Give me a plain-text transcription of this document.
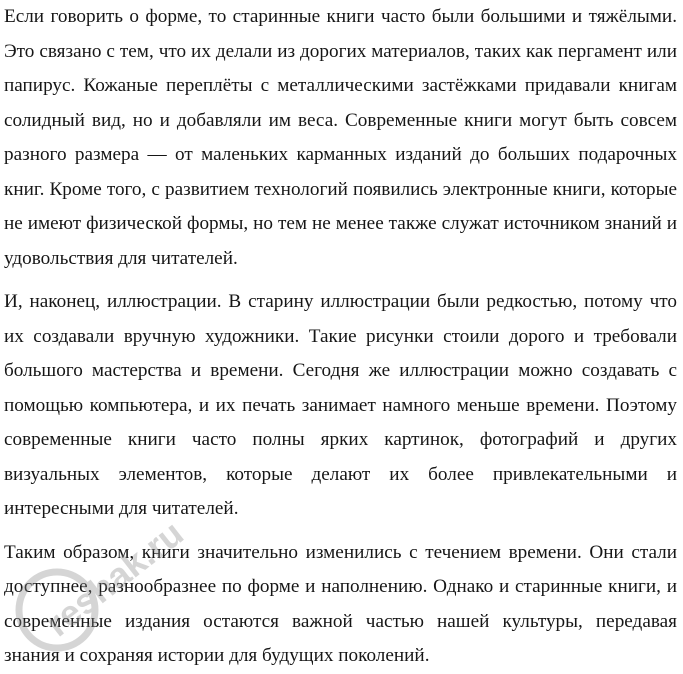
Если говорить о форме, то старинные книги часто были большими и тяжёлыми. Это связано с тем, что их делали из дорогих материалов, таких как пергамент или папирус. Кожаные переплёты с металлическими застёжками придавали книгам солидный вид, но и добавляли им веса. Современные книги могут быть совсем разного размера — от маленьких карманных изданий до больших подарочных книг. Кроме того, с развитием технологий появились электронные книги, которые не имеют физической формы, но тем не менее также служат источником знаний и удовольствия для читателей.

И, наконец, иллюстрации. В старину иллюстрации были редкостью, потому что их создавали вручную художники. Такие рисунки стоили дорого и требовали большого мастерства и времени. Сегодня же иллюстрации можно создавать с помощью компьютера, и их печать занимает намного меньше времени. Поэтому современные книги часто полны ярких картинок, фотографий и других визуальных элементов, которые делают их более привлекательными и интересными для читателей.

Таким образом, книги значительно изменились с течением времени. Они стали доступнее, разнообразнее по форме и наполнению. Однако и старинные книги, и современные издания остаются важной частью нашей культуры, передавая знания и сохраняя истории для будущих поколений.

reshak.ru
